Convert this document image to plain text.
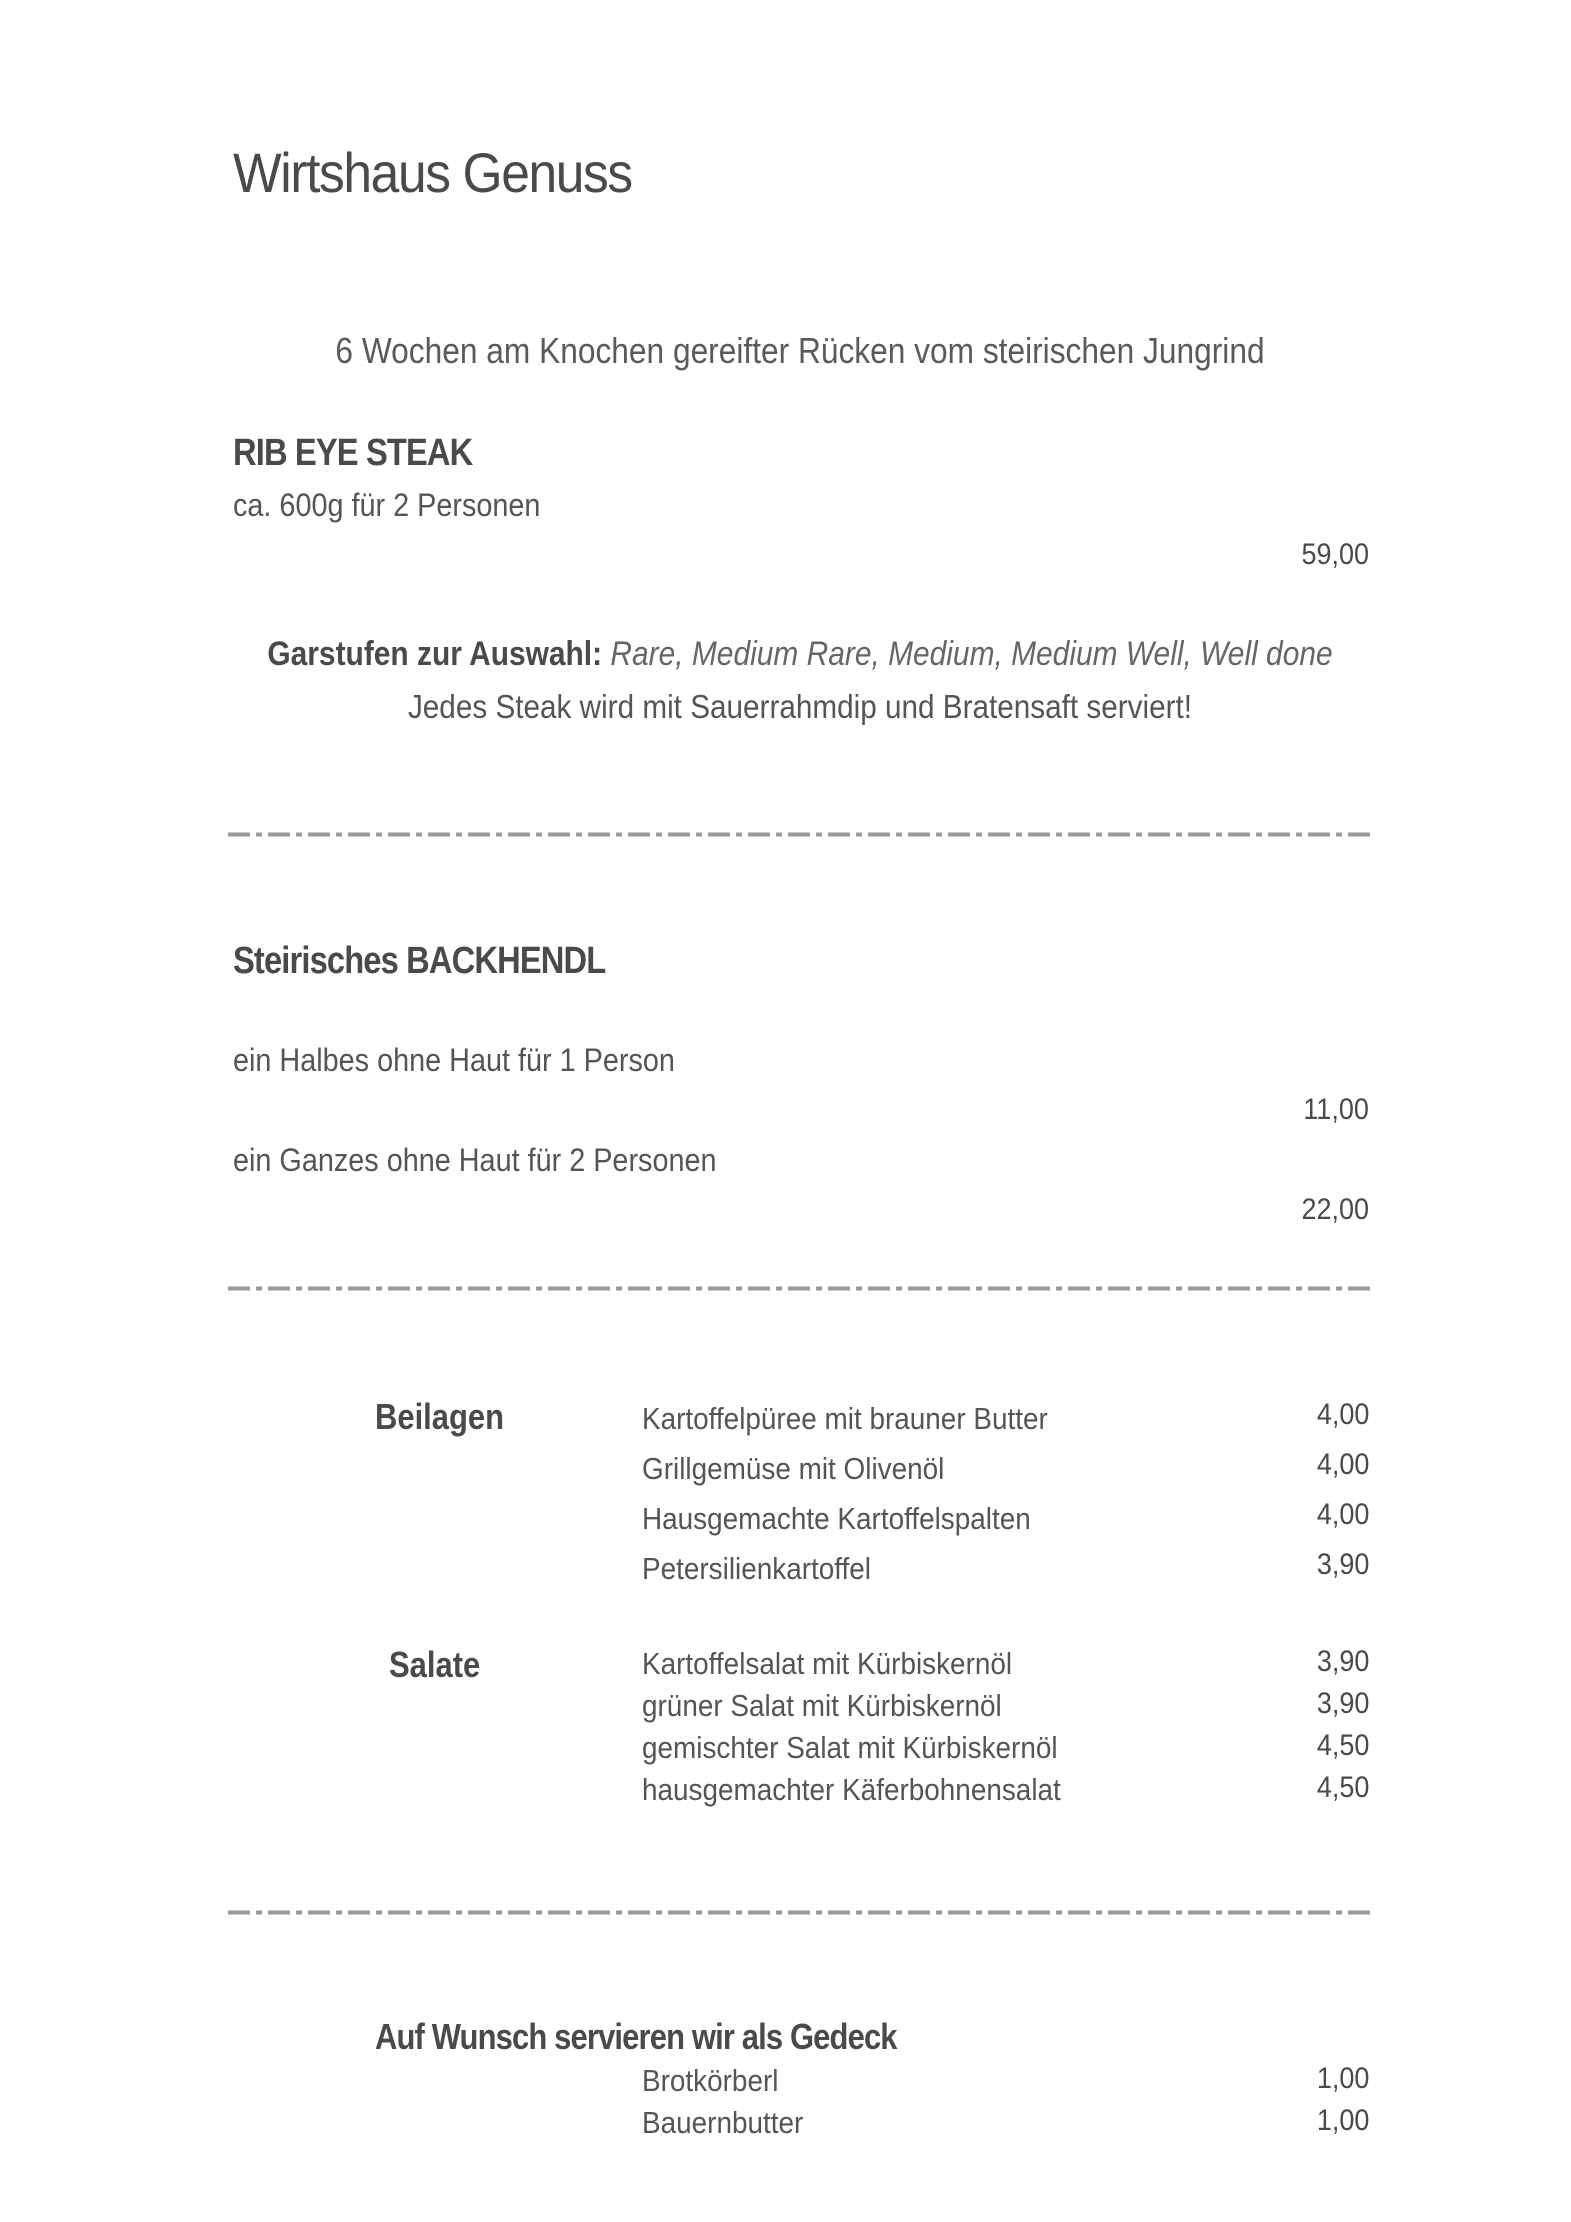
Wirtshaus Genuss
6 Wochen am Knochen gereifter Rücken vom steirischen Jungrind
RIB EYE STEAK
ca. 600g für 2 Personen
59,00
Garstufen zur Auswahl: Rare, Medium Rare, Medium, Medium Well, Well done
Jedes Steak wird mit Sauerrahmdip und Bratensaft serviert!
Steirisches BACKHENDL
ein Halbes ohne Haut für 1 Person
11,00
ein Ganzes ohne Haut für 2 Personen
22,00
Beilagen	Kartoffelpüree mit brauner Butter	4,00
Grillgemüse mit Olivenöl	4,00
Hausgemachte Kartoffelspalten	4,00
Petersilienkartoffel	3,90
Salate	Kartoffelsalat mit Kürbiskernöl	3,90
grüner Salat mit Kürbiskernöl	3,90
gemischter Salat mit Kürbiskernöl	4,50
hausgemachter Käferbohnensalat	4,50
Auf Wunsch servieren wir als Gedeck
Brotkörberl	1,00
Bauernbutter	1,00
